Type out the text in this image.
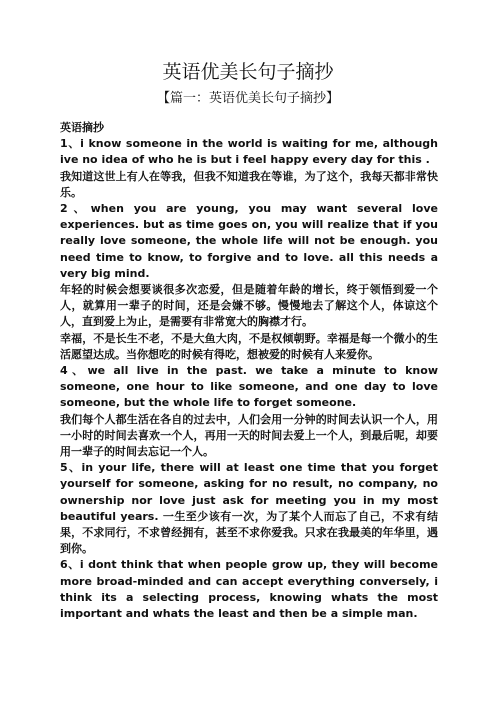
英语优美长句子摘抄
【篇一：英语优美长句子摘抄】

英语摘抄

1、i know someone in the world is waiting for me, although ive no idea of who he is but i feel happy every day for this .

我知道这世上有人在等我，但我不知道我在等谁，为了这个，我每天都非常快乐。

2、when you are young, you may want several love experiences. but as time goes on, you will realize that if you really love someone, the whole life will not be enough. you need time to know, to forgive and to love. all this needs a very big mind.

年轻的时候会想要谈很多次恋爱，但是随着年龄的增长，终于领悟到爱一个人，就算用一辈子的时间，还是会嫌不够。慢慢地去了解这个人，体谅这个人，直到爱上为止，是需要有非常宽大的胸襟才行。

幸福，不是长生不老，不是大鱼大肉，不是权倾朝野。幸福是每一个微小的生活愿望达成。当你想吃的时候有得吃，想被爱的时候有人来爱你。

4、we all live in the past. we take a minute to know someone, one hour to like someone, and one day to love someone, but the whole life to forget someone.

我们每个人都生活在各自的过去中，人们会用一分钟的时间去认识一个人，用一小时的时间去喜欢一个人，再用一天的时间去爱上一个人，到最后呢，却要用一辈子的时间去忘记一个人。

5、in your life, there will at least one time that you forget yourself for someone, asking for no result, no company, no ownership nor love just ask for meeting you in my most beautiful years. 一生至少该有一次，为了某个人而忘了自己，不求有结果，不求同行，不求曾经拥有，甚至不求你爱我。只求在我最美的年华里，遇到你。

6、i dont think that when people grow up, they will become more broad-minded and can accept everything conversely, i think its a selecting process, knowing whats the most important and whats the least and then be a simple man.
